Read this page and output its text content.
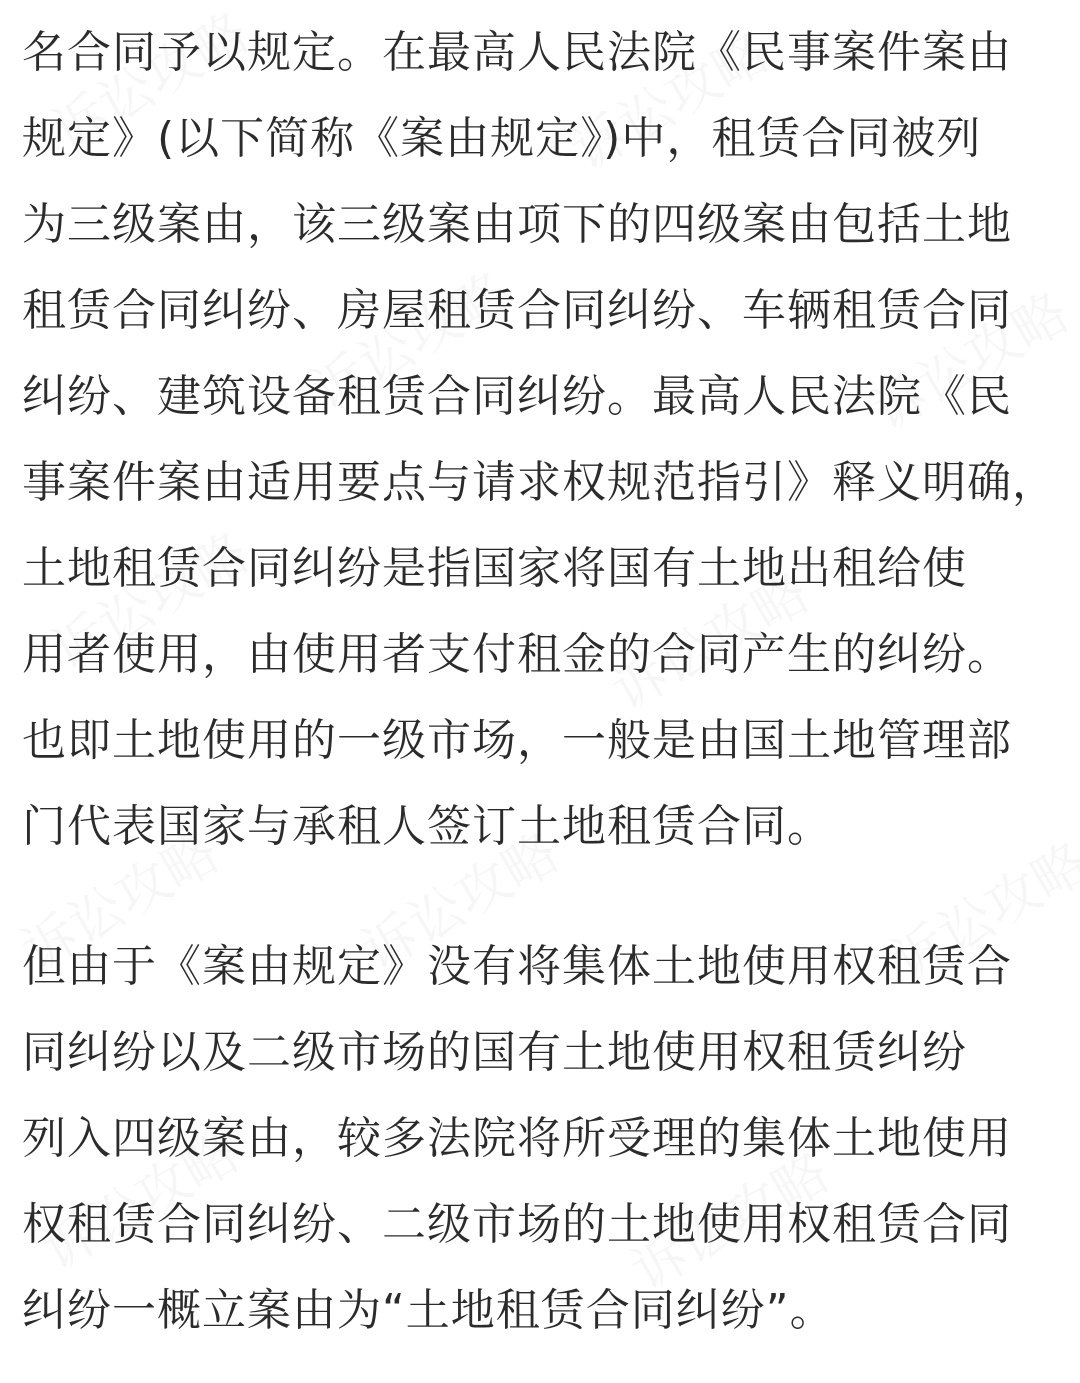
名合同予以规定。在最高人民法院《民事案件案由
规定》(以下简称《案由规定》)中，租赁合同被列
为三级案由，该三级案由项下的四级案由包括土地
租赁合同纠纷、房屋租赁合同纠纷、车辆租赁合同
纠纷、建筑设备租赁合同纠纷。最高人民法院《民
事案件案由适用要点与请求权规范指引》释义明确，
土地租赁合同纠纷是指国家将国有土地出租给使
用者使用，由使用者支付租金的合同产生的纠纷。
也即土地使用的一级市场，一般是由国土地管理部
门代表国家与承租人签订土地租赁合同。
但由于《案由规定》没有将集体土地使用权租赁合
同纠纷以及二级市场的国有土地使用权租赁纠纷
列入四级案由，较多法院将所受理的集体土地使用
权租赁合同纠纷、二级市场的土地使用权租赁合同
纠纷一概立案由为“土地租赁合同纠纷”。
